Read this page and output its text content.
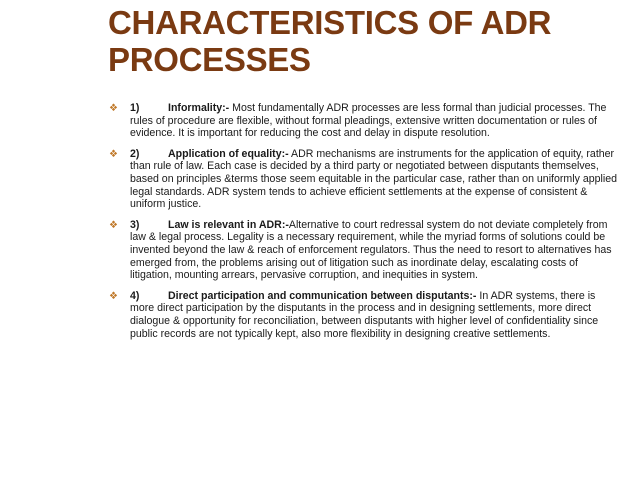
CHARACTERISTICS OF ADR
PROCESSES
❖ 1)	Informality:- Most fundamentally ADR processes are less formal than judicial processes. The rules of procedure are flexible, without formal pleadings, extensive written documentation or rules of evidence. It is important for reducing the cost and delay in dispute resolution.
❖ 2)	Application of equality:- ADR mechanisms are instruments for the application of equity, rather than rule of law. Each case is decided by a third party or negotiated between disputants themselves, based on principles &terms those seem equitable in the particular case, rather than on uniformly applied legal standards. ADR system tends to achieve efficient settlements at the expense of consistent & uniform justice.
❖ 3)	Law is relevant in ADR:-Alternative to court redressal system do not deviate completely from law & legal process. Legality is a necessary requirement, while the myriad forms of solutions could be invented beyond the law & reach of enforcement regulators. Thus the need to resort to alternatives has emerged from, the problems arising out of litigation such as inordinate delay, escalating costs of litigation, mounting arrears, pervasive corruption, and inequities in system.
❖ 4)	Direct participation and communication between disputants:- In ADR systems, there is more direct participation by the disputants in the process and in designing settlements, more direct dialogue & opportunity for reconciliation, between disputants with higher level of confidentiality since public records are not typically kept, also more flexibility in designing creative settlements.
